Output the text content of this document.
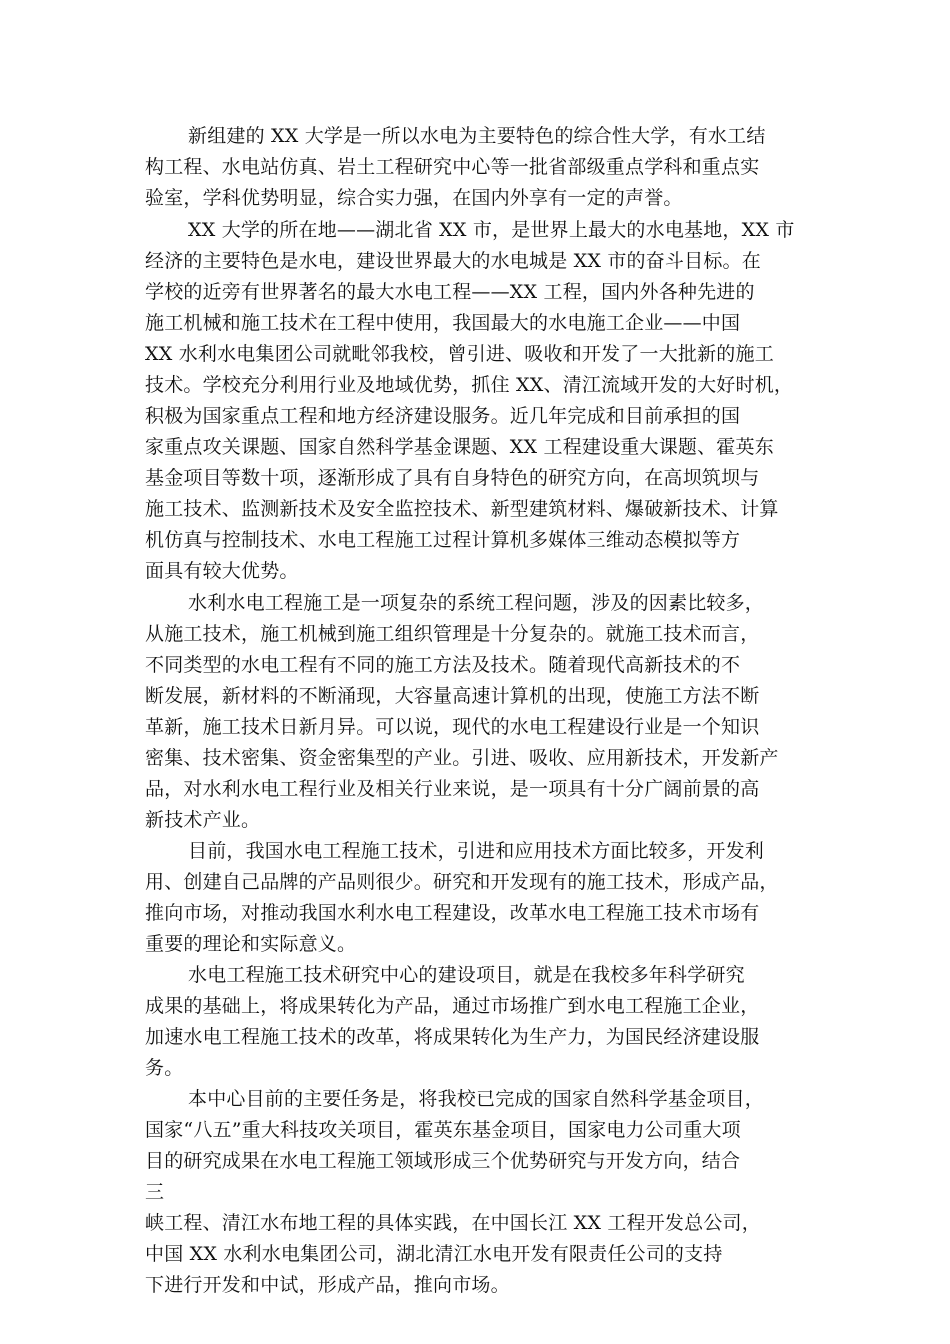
新组建的 XX 大学是一所以水电为主要特色的综合性大学，有水工结
构工程、水电站仿真、岩土工程研究中心等一批省部级重点学科和重点实
验室，学科优势明显，综合实力强，在国内外享有一定的声誉。
XX 大学的所在地——湖北省 XX 市，是世界上最大的水电基地，XX 市
经济的主要特色是水电，建设世界最大的水电城是 XX 市的奋斗目标。在
学校的近旁有世界著名的最大水电工程——XX 工程，国内外各种先进的
施工机械和施工技术在工程中使用，我国最大的水电施工企业——中国
XX 水利水电集团公司就毗邻我校，曾引进、吸收和开发了一大批新的施工
技术。学校充分利用行业及地域优势，抓住 XX、清江流域开发的大好时机，
积极为国家重点工程和地方经济建设服务。近几年完成和目前承担的国
家重点攻关课题、国家自然科学基金课题、XX 工程建设重大课题、霍英东
基金项目等数十项，逐渐形成了具有自身特色的研究方向，在高坝筑坝与
施工技术、监测新技术及安全监控技术、新型建筑材料、爆破新技术、计算
机仿真与控制技术、水电工程施工过程计算机多媒体三维动态模拟等方
面具有较大优势。
水利水电工程施工是一项复杂的系统工程问题，涉及的因素比较多，
从施工技术，施工机械到施工组织管理是十分复杂的。就施工技术而言，
不同类型的水电工程有不同的施工方法及技术。随着现代高新技术的不
断发展，新材料的不断涌现，大容量高速计算机的出现，使施工方法不断
革新，施工技术日新月异。可以说，现代的水电工程建设行业是一个知识
密集、技术密集、资金密集型的产业。引进、吸收、应用新技术，开发新产
品，对水利水电工程行业及相关行业来说，是一项具有十分广阔前景的高
新技术产业。
目前，我国水电工程施工技术，引进和应用技术方面比较多，开发利
用、创建自己品牌的产品则很少。研究和开发现有的施工技术，形成产品，
推向市场，对推动我国水利水电工程建设，改革水电工程施工技术市场有
重要的理论和实际意义。
水电工程施工技术研究中心的建设项目，就是在我校多年科学研究
成果的基础上，将成果转化为产品，通过市场推广到水电工程施工企业，
加速水电工程施工技术的改革，将成果转化为生产力，为国民经济建设服
务。
本中心目前的主要任务是，将我校已完成的国家自然科学基金项目，
国家“八五”重大科技攻关项目，霍英东基金项目，国家电力公司重大项
目的研究成果在水电工程施工领域形成三个优势研究与开发方向，结合
三
峡工程、清江水布地工程的具体实践，在中国长江 XX 工程开发总公司，
中国 XX 水利水电集团公司，湖北清江水电开发有限责任公司的支持
下进行开发和中试，形成产品，推向市场。
